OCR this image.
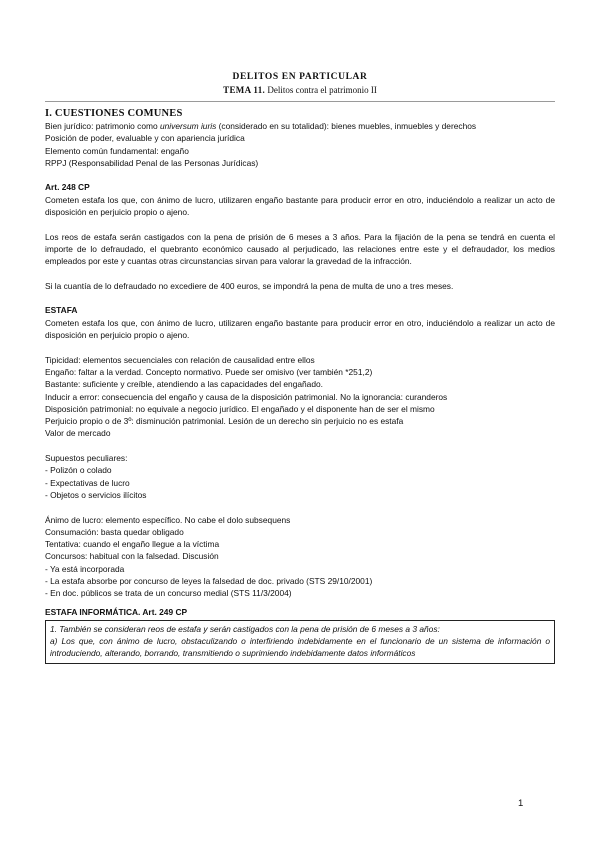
DELITOS EN PARTICULAR
TEMA 11. Delitos contra el patrimonio II
I. CUESTIONES COMUNES
Bien jurídico: patrimonio como universum iuris (considerado en su totalidad): bienes muebles, inmuebles y derechos
Posición de poder, evaluable y con apariencia jurídica
Elemento común fundamental: engaño
RPPJ (Responsabilidad Penal de las Personas Jurídicas)
Art. 248 CP
Cometen estafa los que, con ánimo de lucro, utilizaren engaño bastante para producir error en otro, induciéndolo a realizar un acto de disposición en perjuicio propio o ajeno.
Los reos de estafa serán castigados con la pena de prisión de 6 meses a 3 años. Para la fijación de la pena se tendrá en cuenta el importe de lo defraudado, el quebranto económico causado al perjudicado, las relaciones entre este y el defraudador, los medios empleados por este y cuantas otras circunstancias sirvan para valorar la gravedad de la infracción.
Si la cuantía de lo defraudado no excediere de 400 euros, se impondrá la pena de multa de uno a tres meses.
ESTAFA
Cometen estafa los que, con ánimo de lucro, utilizaren engaño bastante para producir error en otro, induciéndolo a realizar un acto de disposición en perjuicio propio o ajeno.
Tipicidad: elementos secuenciales con relación de causalidad entre ellos
Engaño: faltar a la verdad. Concepto normativo. Puede ser omisivo (ver también *251,2)
Bastante: suficiente y creíble, atendiendo a las capacidades del engañado.
Inducir a error: consecuencia del engaño y causa de la disposición patrimonial. No la ignorancia: curanderos
Disposición patrimonial: no equivale a negocio jurídico. El engañado y el disponente han de ser el mismo
Perjuicio propio o de 3º: disminución patrimonial. Lesión de un derecho sin perjuicio no es estafa
Valor de mercado
Supuestos peculiares:
- Polizón o colado
- Expectativas de lucro
- Objetos o servicios ilícitos
Ánimo de lucro: elemento específico. No cabe el dolo subsequens
Consumación: basta quedar obligado
Tentativa: cuando el engaño llegue a la víctima
Concursos: habitual con la falsedad. Discusión
- Ya está incorporada
- La estafa absorbe por concurso de leyes la falsedad de doc. privado (STS 29/10/2001)
- En doc. públicos se trata de un concurso medial (STS 11/3/2004)
ESTAFA INFORMÁTICA. Art. 249 CP
1. También se consideran reos de estafa y serán castigados con la pena de prisión de 6 meses a 3 años:
a) Los que, con ánimo de lucro, obstaculizando o interfiriendo indebidamente en el funcionario de un sistema de información o introduciendo, alterando, borrando, transmitiendo o suprimiendo indebidamente datos informáticos
1
